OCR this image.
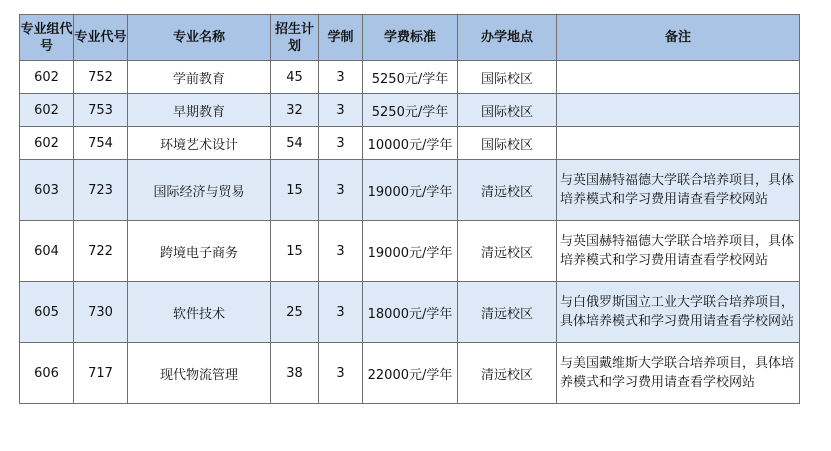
专业组代号	专业代号	专业名称	招生计划	学制	学费标准	办学地点	备注
602	752	学前教育	45	3	5250元/学年	国际校区	
602	753	早期教育	32	3	5250元/学年	国际校区	
602	754	环境艺术设计	54	3	10000元/学年	国际校区	
603	723	国际经济与贸易	15	3	19000元/学年	清远校区	与英国赫特福德大学联合培养项目，具体培养模式和学习费用请查看学校网站
604	722	跨境电子商务	15	3	19000元/学年	清远校区	与英国赫特福德大学联合培养项目，具体培养模式和学习费用请查看学校网站
605	730	软件技术	25	3	18000元/学年	清远校区	与白俄罗斯国立工业大学联合培养项目，具体培养模式和学习费用请查看学校网站
606	717	现代物流管理	38	3	22000元/学年	清远校区	与美国戴维斯大学联合培养项目，具体培养模式和学习费用请查看学校网站
